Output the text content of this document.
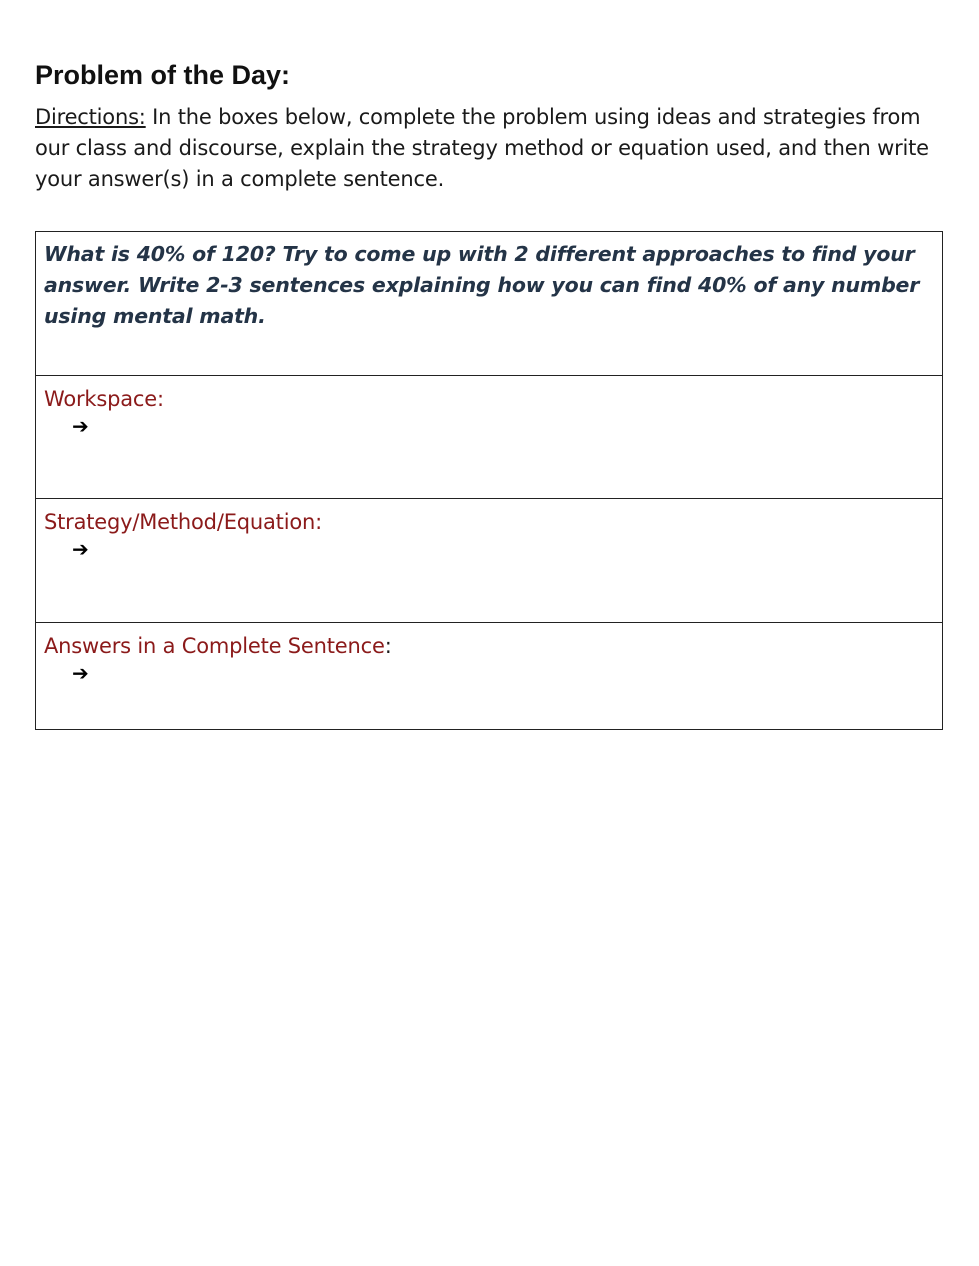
Problem of the Day:

Directions: In the boxes below, complete the problem using ideas and strategies from our class and discourse, explain the strategy method or equation used, and then write your answer(s) in a complete sentence.

What is 40% of 120? Try to come up with 2 different approaches to find your answer. Write 2-3 sentences explaining how you can find 40% of any number using mental math.
Workspace:
➔
Strategy/Method/Equation:
➔
Answers in a Complete Sentence:
➔
